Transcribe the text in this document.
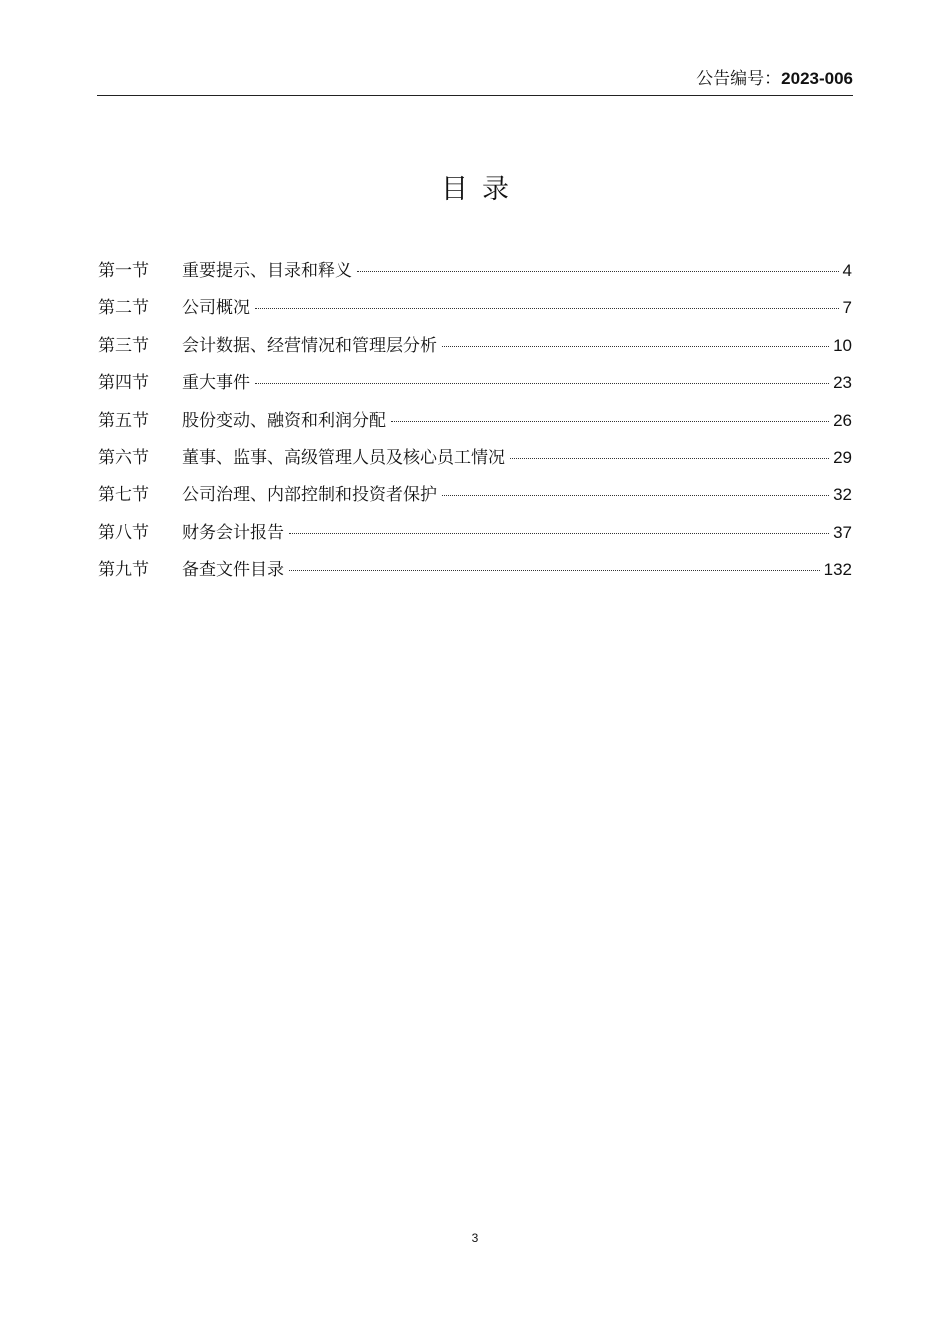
公告编号：2023-006
目录
第一节	重要提示、目录和释义	4
第二节	公司概况	7
第三节	会计数据、经营情况和管理层分析	10
第四节	重大事件	23
第五节	股份变动、融资和利润分配	26
第六节	董事、监事、高级管理人员及核心员工情况	29
第七节	公司治理、内部控制和投资者保护	32
第八节	财务会计报告	37
第九节	备查文件目录	132
3
